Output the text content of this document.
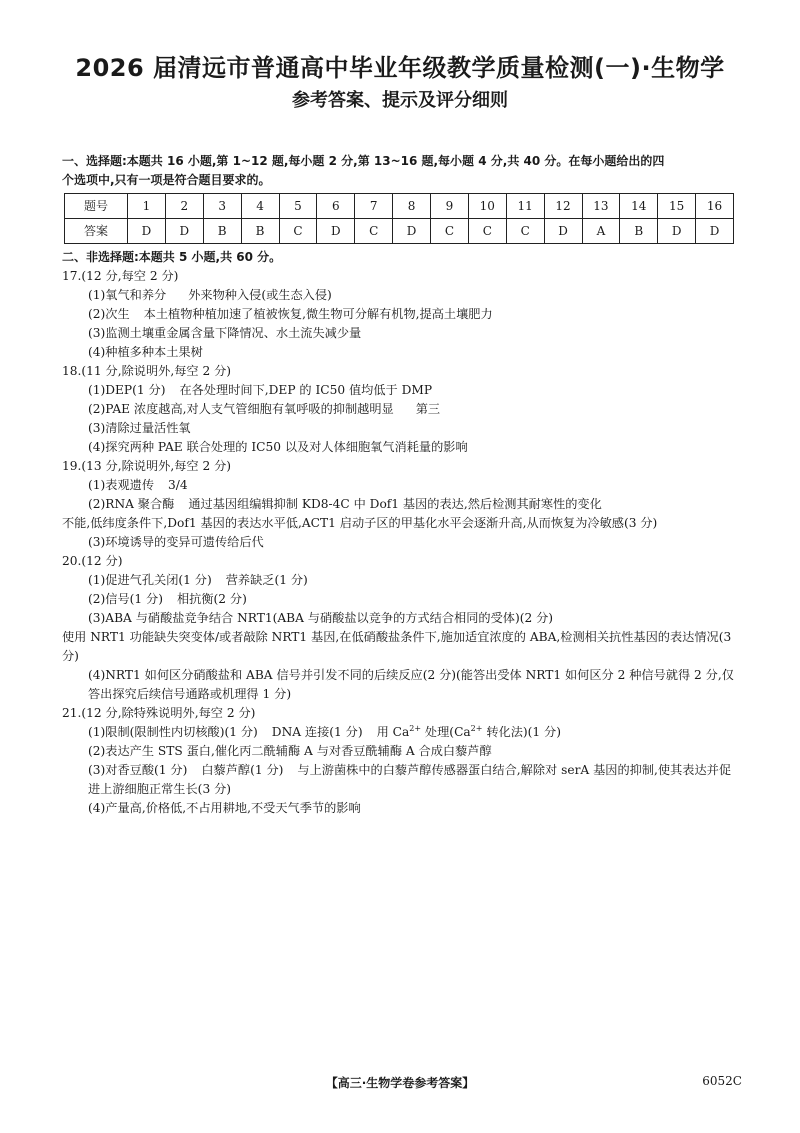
2026 届清远市普通高中毕业年级教学质量检测(一)·生物学
参考答案、提示及评分细则
一、选择题:本题共 16 小题,第 1~12 题,每小题 2 分,第 13~16 题,每小题 4 分,共 40 分。在每小题给出的四
个选项中,只有一项是符合题目要求的。
题号	1	2	3	4	5	6	7	8	9	10	11	12	13	14	15	16
答案	D	D	B	B	C	D	C	D	C	C	C	D	A	B	D	D
二、非选择题:本题共 5 小题,共 60 分。
17.(12 分,每空 2 分)
(1)氧气和养分 外来物种入侵(或生态入侵)
(2)次生 本土植物种植加速了植被恢复,微生物可分解有机物,提高土壤肥力
(3)监测土壤重金属含量下降情况、水土流失减少量
(4)种植多种本土果树
18.(11 分,除说明外,每空 2 分)
(1)DEP(1 分) 在各处理时间下,DEP 的 IC50 值均低于 DMP
(2)PAE 浓度越高,对人支气管细胞有氧呼吸的抑制越明显 第三
(3)清除过量活性氧
(4)探究两种 PAE 联合处理的 IC50 以及对人体细胞氧气消耗量的影响
19.(13 分,除说明外,每空 2 分)
(1)表观遗传 3/4
(2)RNA 聚合酶 通过基因组编辑抑制 KD8-4C 中 Dof1 基因的表达,然后检测其耐寒性的变化
不能,低纬度条件下,Dof1 基因的表达水平低,ACT1 启动子区的甲基化水平会逐渐升高,从而恢复为冷敏感(3 分)
(3)环境诱导的变异可遗传给后代
20.(12 分)
(1)促进气孔关闭(1 分) 营养缺乏(1 分)
(2)信号(1 分) 相抗衡(2 分)
(3)ABA 与硝酸盐竞争结合 NRT1(ABA 与硝酸盐以竞争的方式结合相同的受体)(2 分)
使用 NRT1 功能缺失突变体/或者敲除 NRT1 基因,在低硝酸盐条件下,施加适宜浓度的 ABA,检测相关抗性基因的表达情况(3 分)
(4)NRT1 如何区分硝酸盐和 ABA 信号并引发不同的后续反应(2 分)(能答出受体 NRT1 如何区分 2 种信号就得 2 分,仅答出探究后续信号通路或机理得 1 分)
21.(12 分,除特殊说明外,每空 2 分)
(1)限制(限制性内切核酸)(1 分) DNA 连接(1 分) 用 $Ca^{2+}$ 处理($Ca^{2+}$ 转化法)(1 分)
(2)表达产生 STS 蛋白,催化丙二酰辅酶 A 与对香豆酰辅酶 A 合成白藜芦醇
(3)对香豆酸(1 分) 白藜芦醇(1 分) 与上游菌株中的白藜芦醇传感器蛋白结合,解除对 serA 基因的抑制,使其表达并促进上游细胞正常生长(3 分)
(4)产量高,价格低,不占用耕地,不受天气季节的影响
【高三·生物学卷参考答案】	6052C
